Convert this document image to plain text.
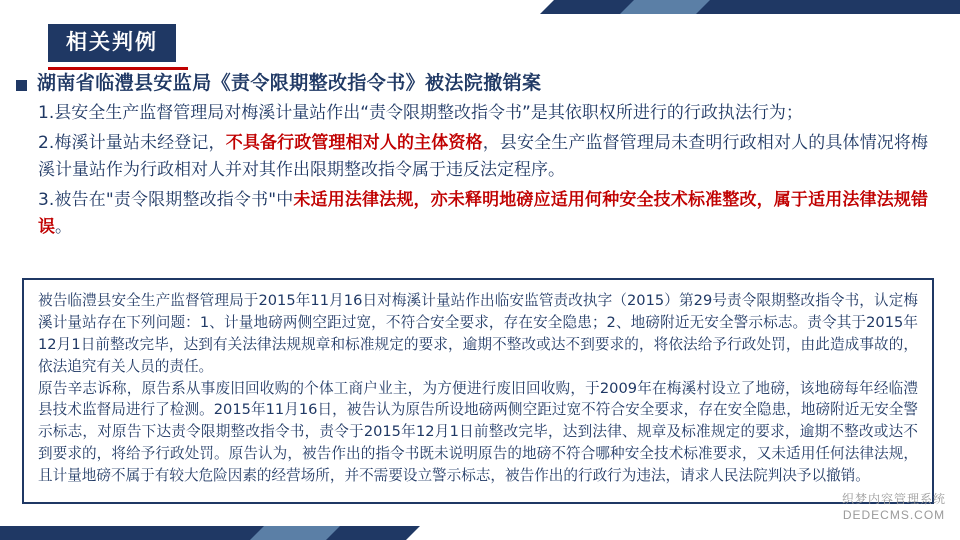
相关判例
湖南省临澧县安监局《责令限期整改指令书》被法院撤销案

1.县安全生产监督管理局对梅溪计量站作出“责令限期整改指令书”是其依职权所进行的行政执法行为；

2.梅溪计量站未经登记，不具备行政管理相对人的主体资格，县安全生产监督管理局未查明行政相对人的具体情况将梅溪计量站作为行政相对人并对其作出限期整改指令属于违反法定程序。

3.被告在"责令限期整改指令书"中未适用法律法规，亦未释明地磅应适用何种安全技术标准整改，属于适用法律法规错误。

被告临澧县安全生产监督管理局于2015年11月16日对梅溪计量站作出临安监管责改执字（2015）第29号责令限期整改指令书，认定梅溪计量站存在下列问题：1、计量地磅两侧空距过宽，不符合安全要求，存在安全隐患；2、地磅附近无安全警示标志。责令其于2015年12月1日前整改完毕，达到有关法律法规规章和标准规定的要求，逾期不整改或达不到要求的，将依法给予行政处罚，由此造成事故的，依法追究有关人员的责任。

原告辛志诉称，原告系从事废旧回收购的个体工商户业主，为方便进行废旧回收购，于2009年在梅溪村设立了地磅，该地磅每年经临澧县技术监督局进行了检测。2015年11月16日，被告认为原告所设地磅两侧空距过宽不符合安全要求，存在安全隐患，地磅附近无安全警示标志，对原告下达责令限期整改指令书，责令于2015年12月1日前整改完毕，达到法律、规章及标准规定的要求，逾期不整改或达不到要求的，将给予行政处罚。原告认为，被告作出的指令书既未说明原告的地磅不符合哪种安全技术标准要求，又未适用任何法律法规，且计量地磅不属于有较大危险因素的经营场所，并不需要设立警示标志，被告作出的行政行为违法，请求人民法院判决予以撤销。

织梦内容管理系统
DEDECMS.COM
